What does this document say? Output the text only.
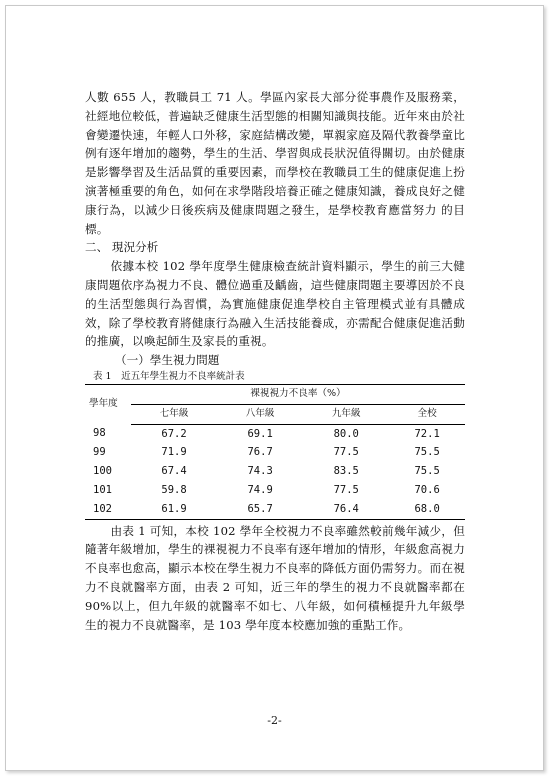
人數 655 人，教職員工 71 人。學區內家長大部分從事農作及服務業，社經地位較低，普遍缺乏健康生活型態的相關知識與技能。近年來由於社會變遷快速，年輕人口外移，家庭結構改變，單親家庭及隔代教養學童比例有逐年增加的趨勢，學生的生活、學習與成長狀況值得關切。由於健康是影響學習及生活品質的重要因素，而學校在教職員工生的健康促進上扮演著極重要的角色，如何在求學階段培養正確之健康知識，養成良好之健康行為，以減少日後疾病及健康問題之發生，是學校教育應當努力 的目標。

二、 現況分析

依據本校 102 學年度學生健康檢查統計資料顯示，學生的前三大健康問題依序為視力不良、體位過重及齲齒，這些健康問題主要導因於不良的生活型態與行為習慣，為實施健康促進學校自主管理模式並有具體成效，除了學校教育將健康行為融入生活技能養成，亦需配合健康促進活動的推廣，以喚起師生及家長的重視。

（一）學生視力問題

表 1　近五年學生視力不良率統計表

學年度	裸視視力不良率（%）			
	七年級	八年級	九年級	全校
98	67.2	69.1	80.0	72.1
99	71.9	76.7	77.5	75.5
100	67.4	74.3	83.5	75.5
101	59.8	74.9	77.5	70.6
102	61.9	65.7	76.4	68.0

由表 1 可知，本校 102 學年全校視力不良率雖然較前幾年減少，但隨著年級增加，學生的裸視視力不良率有逐年增加的情形，年級愈高視力不良率也愈高，顯示本校在學生視力不良率的降低方面仍需努力。而在視力不良就醫率方面，由表 2 可知，近三年的學生的視力不良就醫率都在 90%以上，但九年級的就醫率不如七、八年級，如何積極提升九年級學生的視力不良就醫率，是 103 學年度本校應加強的重點工作。

-2-
